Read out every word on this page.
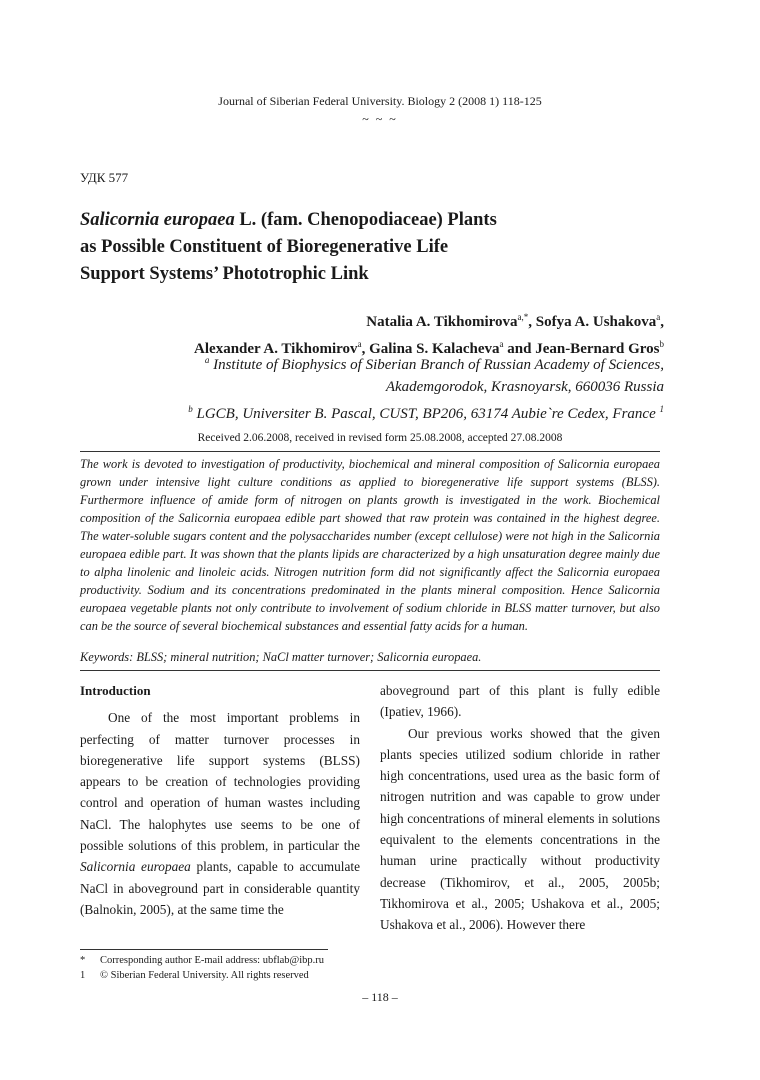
Journal of Siberian Federal University. Biology 2 (2008 1) 118-125
~ ~ ~
УДК 577
Salicornia europaea L. (fam. Chenopodiaceae) Plants
as Possible Constituent of Bioregenerative Life
Support Systems’ Phototrophic Link
Natalia A. Tikhomirova$^{a,*}$, Sofya A. Ushakova$^a$,
Alexander A. Tikhomirov$^a$, Galina S. Kalacheva$^a$ and Jean-Bernard Gros$^b$
$^a$ Institute of Biophysics of Siberian Branch of Russian Academy of Sciences,
Akademgorodok, Krasnoyarsk, 660036 Russia
$^b$ LGCB, Universiter B. Pascal, CUST, BP206, 63174 Aubie`re Cedex, France $^1$
Received 2.06.2008, received in revised form 25.08.2008, accepted 27.08.2008
The work is devoted to investigation of productivity, biochemical and mineral composition of Salicornia europaea grown under intensive light culture conditions as applied to bioregenerative life support systems (BLSS). Furthermore influence of amide form of nitrogen on plants growth is investigated in the work. Biochemical composition of the Salicornia europaea edible part showed that raw protein was contained in the highest degree. The water-soluble sugars content and the polysaccharides number (except cellulose) were not high in the Salicornia europaea edible part. It was shown that the plants lipids are characterized by a high unsaturation degree mainly due to alpha linolenic and linoleic acids. Nitrogen nutrition form did not significantly affect the Salicornia europaea productivity. Sodium and its concentrations predominated in the plants mineral composition. Hence Salicornia europaea vegetable plants not only contribute to involvement of sodium chloride in BLSS matter turnover, but also can be the source of several biochemical substances and essential fatty acids for a human.
Keywords: BLSS; mineral nutrition; NaCl matter turnover; Salicornia europaea.
Introduction

One of the most important problems in perfecting of matter turnover processes in bioregenerative life support systems (BLSS) appears to be creation of technologies providing control and operation of human wastes including NaCl. The halophytes use seems to be one of possible solutions of this problem, in particular the Salicornia europaea plants, capable to accumulate NaCl in aboveground part in considerable quantity (Balnokin, 2005), at the same time the

aboveground part of this plant is fully edible (Ipatiev, 1966).

Our previous works showed that the given plants species utilized sodium chloride in rather high concentrations, used urea as the basic form of nitrogen nutrition and was capable to grow under high concentrations of mineral elements in solutions equivalent to the elements concentrations in the human urine practically without productivity decrease (Tikhomirov, et al., 2005, 2005b; Tikhomirova et al., 2005; Ushakova et al., 2005; Ushakova et al., 2006). However there

* Corresponding author E-mail address: ubflab@ibp.ru
1 © Siberian Federal University. All rights reserved
– 118 –
